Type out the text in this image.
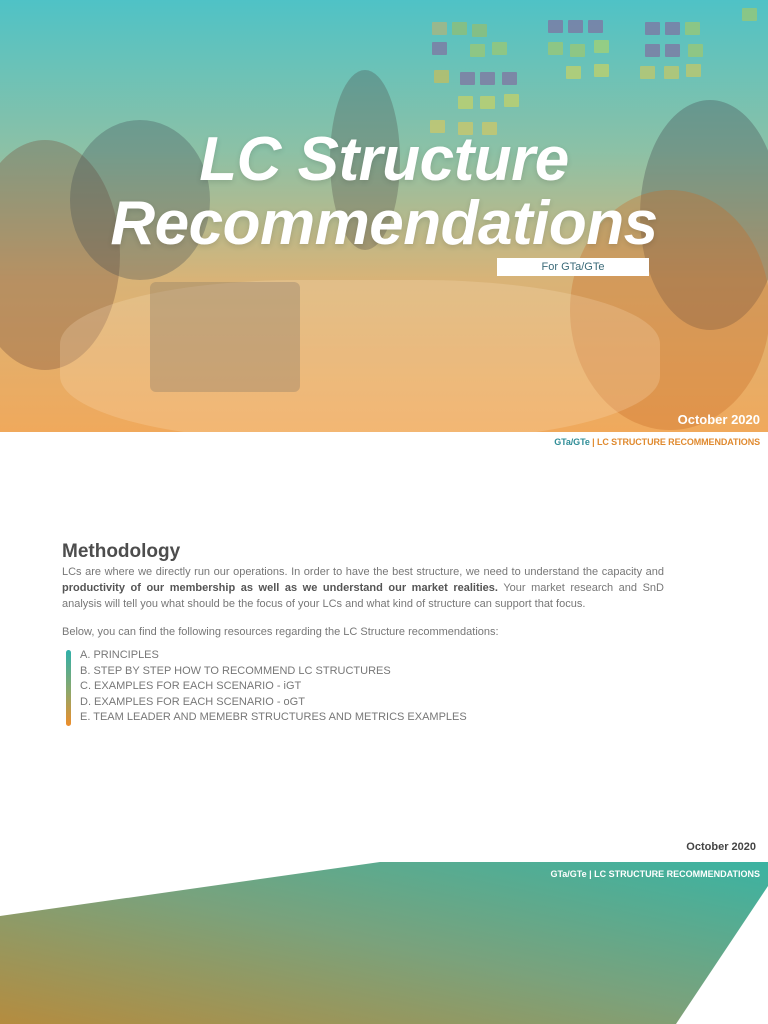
LC Structure
Recommendations
For GTa/GTe
October 2020
GTa/GTe | LC STRUCTURE RECOMMENDATIONS
Methodology

LCs are where we directly run our operations. In order to have the best structure, we need to understand the capacity and productivity of our membership as well as we understand our market realities. Your market research and SnD analysis will tell you what should be the focus of your LCs and what kind of structure can support that focus.

Below, you can find the following resources regarding the LC Structure recommendations:

A. PRINCIPLES
B. STEP BY STEP HOW TO RECOMMEND LC STRUCTURES
C. EXAMPLES FOR EACH SCENARIO - iGT
D. EXAMPLES FOR EACH SCENARIO - oGT
E. TEAM LEADER AND MEMEBR STRUCTURES AND METRICS EXAMPLES
October 2020
GTa/GTe | LC STRUCTURE RECOMMENDATIONS
